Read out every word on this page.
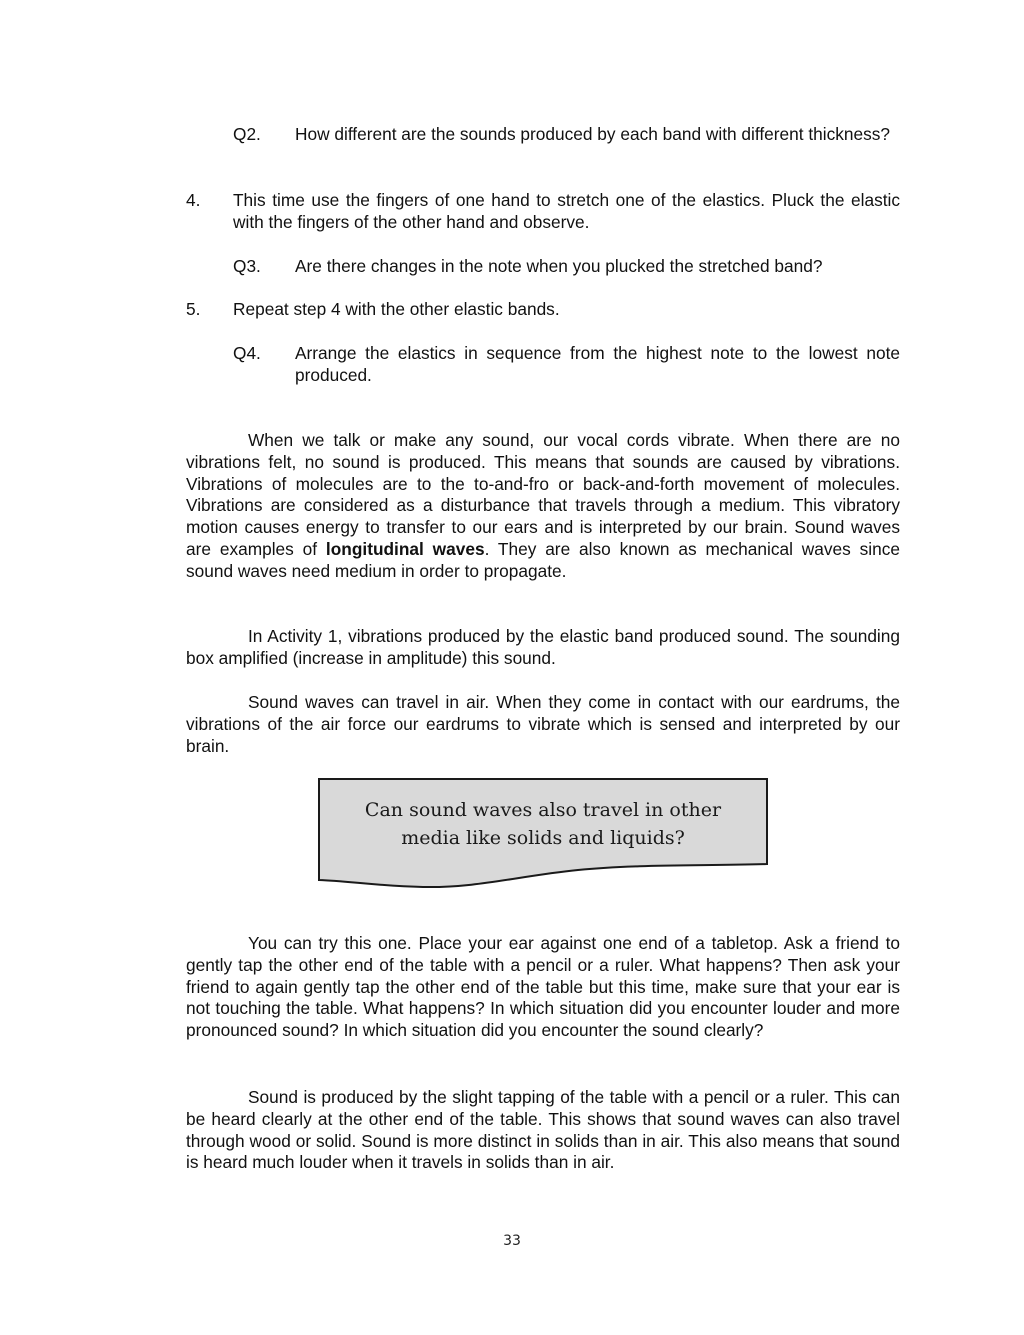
Q2. How different are the sounds produced by each band with different thickness?
4. This time use the fingers of one hand to stretch one of the elastics. Pluck the elastic with the fingers of the other hand and observe.
Q3. Are there changes in the note when you plucked the stretched band?
5. Repeat step 4 with the other elastic bands.
Q4. Arrange the elastics in sequence from the highest note to the lowest note produced.
When we talk or make any sound, our vocal cords vibrate. When there are no vibrations felt, no sound is produced. This means that sounds are caused by vibrations. Vibrations of molecules are to the to-and-fro or back-and-forth movement of molecules. Vibrations are considered as a disturbance that travels through a medium. This vibratory motion causes energy to transfer to our ears and is interpreted by our brain. Sound waves are examples of longitudinal waves. They are also known as mechanical waves since sound waves need medium in order to propagate.
In Activity 1, vibrations produced by the elastic band produced sound. The sounding box amplified (increase in amplitude) this sound.
Sound waves can travel in air. When they come in contact with our eardrums, the vibrations of the air force our eardrums to vibrate which is sensed and interpreted by our brain.
Can sound waves also travel in other
media like solids and liquids?
You can try this one. Place your ear against one end of a tabletop. Ask a friend to gently tap the other end of the table with a pencil or a ruler. What happens? Then ask your friend to again gently tap the other end of the table but this time, make sure that your ear is not touching the table. What happens? In which situation did you encounter louder and more pronounced sound? In which situation did you encounter the sound clearly?
Sound is produced by the slight tapping of the table with a pencil or a ruler. This can be heard clearly at the other end of the table. This shows that sound waves can also travel through wood or solid. Sound is more distinct in solids than in air. This also means that sound is heard much louder when it travels in solids than in air.
33
